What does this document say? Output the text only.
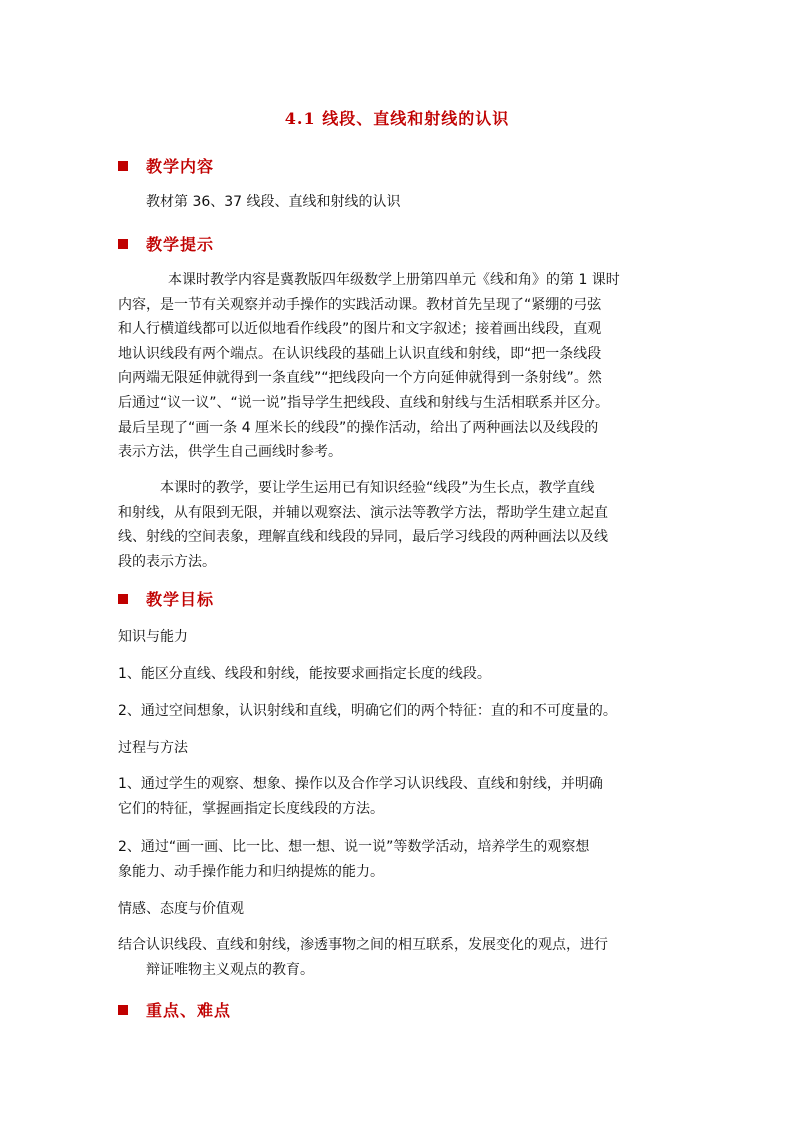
4.1 线段、直线和射线的认识
教学内容
教材第 36、37 线段、直线和射线的认识
教学提示
本课时教学内容是冀教版四年级数学上册第四单元《线和角》的第 1 课时
内容，是一节有关观察并动手操作的实践活动课。教材首先呈现了“紧绷的弓弦
和人行横道线都可以近似地看作线段”的图片和文字叙述；接着画出线段，直观
地认识线段有两个端点。在认识线段的基础上认识直线和射线，即“把一条线段
向两端无限延伸就得到一条直线”“把线段向一个方向延伸就得到一条射线”。然
后通过“议一议”、“说一说”指导学生把线段、直线和射线与生活相联系并区分。
最后呈现了“画一条 4 厘米长的线段”的操作活动，给出了两种画法以及线段的
表示方法，供学生自己画线时参考。
本课时的教学，要让学生运用已有知识经验“线段”为生长点，教学直线
和射线，从有限到无限，并辅以观察法、演示法等教学方法，帮助学生建立起直
线、射线的空间表象，理解直线和线段的异同，最后学习线段的两种画法以及线
段的表示方法。
教学目标
知识与能力
1、能区分直线、线段和射线，能按要求画指定长度的线段。
2、通过空间想象，认识射线和直线，明确它们的两个特征：直的和不可度量的。
过程与方法
1、通过学生的观察、想象、操作以及合作学习认识线段、直线和射线，并明确
它们的特征，掌握画指定长度线段的方法。
2、通过“画一画、比一比、想一想、说一说”等数学活动，培养学生的观察想
象能力、动手操作能力和归纳提炼的能力。
情感、态度与价值观
结合认识线段、直线和射线，渗透事物之间的相互联系，发展变化的观点，进行
辩证唯物主义观点的教育。
重点、难点
